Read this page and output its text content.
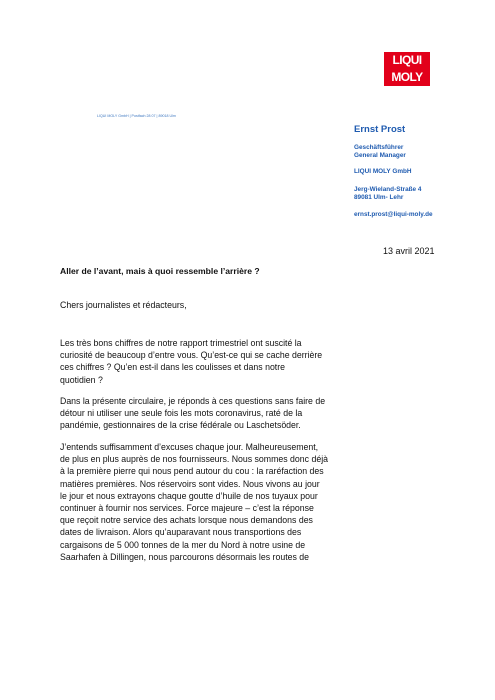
LIQUI
MOLY
LIQUI MOLY GmbH | Postfach 28 07 | 89018 Ulm

Ernst Prost

Geschäftsführer

General Manager

LIQUI MOLY GmbH

Jerg-Wieland-Straße 4

89081 Ulm- Lehr

ernst.prost@liqui-moly.de

13 avril 2021
Aller de l’avant, mais à quoi ressemble l’arrière ?
Chers journalistes et rédacteurs,

Les très bons chiffres de notre rapport trimestriel ont suscité la
curiosité de beaucoup d’entre vous. Qu’est-ce qui se cache derrière
ces chiffres ? Qu’en est-il dans les coulisses et dans notre
quotidien ?

Dans la présente circulaire, je réponds à ces questions sans faire de
détour ni utiliser une seule fois les mots coronavirus, raté de la
pandémie, gestionnaires de la crise fédérale ou Laschetsöder.

J’entends suffisamment d’excuses chaque jour. Malheureusement,
de plus en plus auprès de nos fournisseurs. Nous sommes donc déjà
à la première pierre qui nous pend autour du cou : la raréfaction des
matières premières. Nos réservoirs sont vides. Nous vivons au jour
le jour et nous extrayons chaque goutte d’huile de nos tuyaux pour
continuer à fournir nos services. Force majeure – c’est la réponse
que reçoit notre service des achats lorsque nous demandons des
dates de livraison. Alors qu’auparavant nous transportions des
cargaisons de 5 000 tonnes de la mer du Nord à notre usine de
Saarhafen à Dillingen, nous parcourons désormais les routes de
